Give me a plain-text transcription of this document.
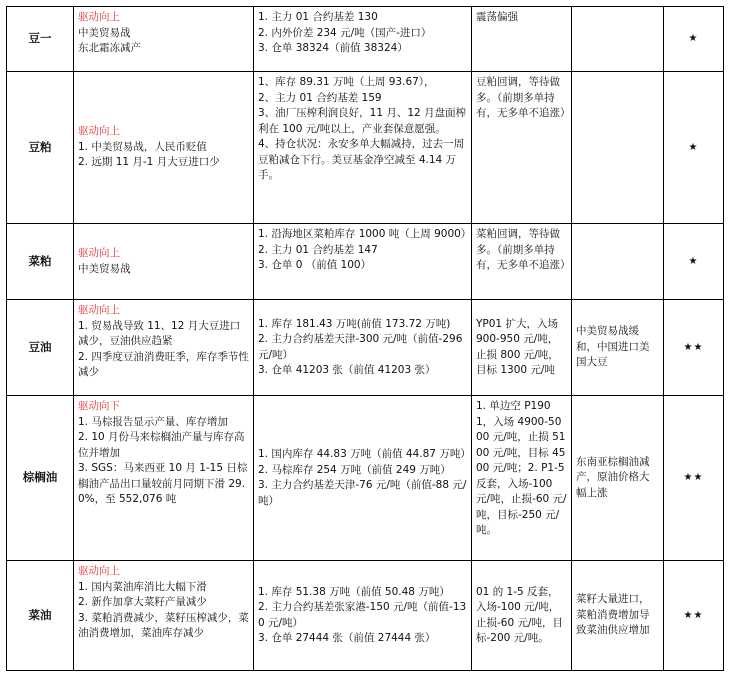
豆一	驱动向上
中美贸易战
东北霜冻减产	1. 主力 01 合约基差 130
2. 内外价差 234 元/吨（国产-进口）
3. 仓单 38324（前值 38324）	震荡偏强		★
豆粕	驱动向上
1. 中美贸易战，人民币贬值
2. 远期 11 月-1 月大豆进口少	1、库存 89.31 万吨（上周 93.67），
2、主力 01 合约基差 159
3、油厂压榨利润良好，11 月、12 月盘面榨利在 100 元/吨以上，产业套保意愿强。
4、持仓状况：永安多单大幅减持，过去一周豆粕减仓下行。美豆基金净空减至 4.14 万手。	豆粕回调，等待做多。（前期多单持有，无多单不追涨）		★
菜粕	驱动向上
中美贸易战	1. 沿海地区菜粕库存 1000 吨（上周 9000）
2. 主力 01 合约基差 147
3. 仓单 0 （前值 100）	菜粕回调，等待做多。（前期多单持有，无多单不追涨）		★
豆油	驱动向上
1. 贸易战导致 11、12 月大豆进口减少，豆油供应趋紧
2. 四季度豆油消费旺季，库存季节性减少	1. 库存 181.43 万吨(前值 173.72 万吨)
2. 主力合约基差天津-300 元/吨（前值-296 元/吨）
3. 仓单 41203 张（前值 41203 张）	YP01 扩大，入场 900-950 元/吨，止损 800 元/吨，目标 1300 元/吨	中美贸易战缓和，中国进口美国大豆	★★
棕榈油	驱动向下
1. 马棕报告显示产量、库存增加
2. 10 月份马来棕榈油产量与库存高位并增加
3. SGS：马来西亚 10 月 1-15 日棕榈油产品出口量较前月同期下滑 29.0%，至 552,076 吨	1. 国内库存 44.83 万吨（前值 44.87 万吨）
2. 马棕库存 254 万吨（前值 249 万吨）
3. 主力合约基差天津-76 元/吨（前值-88 元/吨）	1. 单边空 P1901，入场 4900-5000 元/吨，止损 5100 元/吨，目标 4500 元/吨；2. P1-5 反套，入场-100 元/吨，止损-60 元/吨，目标-250 元/吨。	东南亚棕榈油减产，原油价格大幅上涨	★★
菜油	驱动向上
1. 国内菜油库消比大幅下滑
2. 新作加拿大菜籽产量减少
3. 菜粕消费减少，菜籽压榨减少，菜油消费增加，菜油库存减少	1. 库存 51.38 万吨（前值 50.48 万吨）
2. 主力合约基差张家港-150 元/吨（前值-130 元/吨）
3. 仓单 27444 张（前值 27444 张）	01 的 1-5 反套，入场-100 元/吨，止损-60 元/吨，目标-200 元/吨。	菜籽大量进口，菜粕消费增加导致菜油供应增加	★★
